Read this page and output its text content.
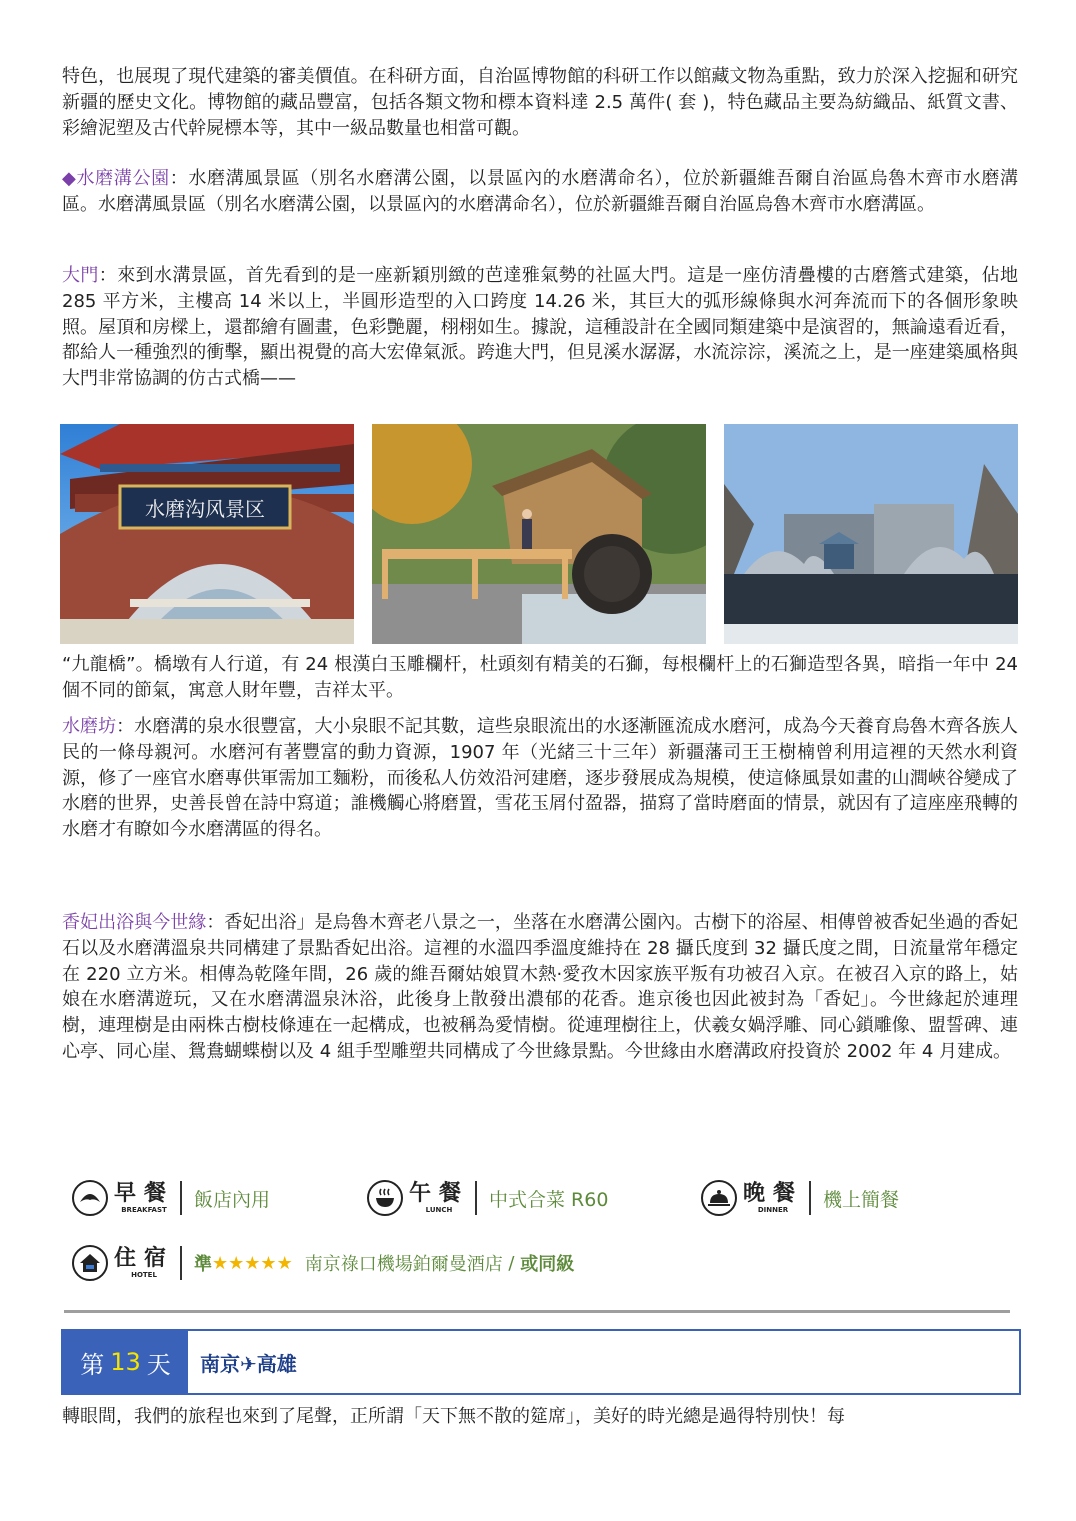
特色，也展現了現代建築的審美價值。在科研方面，自治區博物館的科研工作以館藏文物為重點，致力於深入挖掘和研究新疆的歷史文化。博物館的藏品豐富，包括各類文物和標本資料達 2.5 萬件( 套 )，特色藏品主要為紡織品、紙質文書、彩繪泥塑及古代幹屍標本等，其中一級品數量也相當可觀。

◆水磨溝公園：水磨溝風景區（別名水磨溝公園，以景區內的水磨溝命名），位於新疆維吾爾自治區烏魯木齊市水磨溝區。水磨溝風景區（別名水磨溝公園，以景區內的水磨溝命名），位於新疆維吾爾自治區烏魯木齊市水磨溝區。

大門：來到水溝景區，首先看到的是一座新穎別緻的芭達雅氣勢的社區大門。這是一座仿清疊樓的古磨簷式建築，佔地 285 平方米，主樓高 14 米以上，半圓形造型的入口跨度 14.26 米，其巨大的弧形線條與水河奔流而下的各個形象映照。屋頂和房樑上，還都繪有圖畫，色彩艷麗，栩栩如生。據說，這種設計在全國同類建築中是演習的，無論遠看近看，都給人一種強烈的衝擊，顯出視覺的高大宏偉氣派。跨進大門，但見溪水潺潺，水流淙淙，溪流之上，是一座建築風格與大門非常協調的仿古式橋——

水磨沟风景区

“九龍橋”。橋墩有人行道，有 24 根漢白玉雕欄杆，杜頭刻有精美的石獅，每根欄杆上的石獅造型各異，暗指一年中 24 個不同的節氣，寓意人財年豐，吉祥太平。

水磨坊：水磨溝的泉水很豐富，大小泉眼不記其數，這些泉眼流出的水逐漸匯流成水磨河，成為今天養育烏魯木齊各族人民的一條母親河。水磨河有著豐富的動力資源，1907 年（光緒三十三年）新疆藩司王王樹楠曾利用這裡的天然水利資源，修了一座官水磨專供軍需加工麵粉，而後私人仿效沿河建磨，逐步發展成為規模，使這條風景如畫的山澗峽谷變成了水磨的世界，史善長曾在詩中寫道；誰機觸心將磨置，雪花玉屑付盈器，描寫了當時磨面的情景，就因有了這座座飛轉的水磨才有瞭如今水磨溝區的得名。

香妃出浴與今世緣：香妃出浴」是烏魯木齊老八景之一，坐落在水磨溝公園內。古樹下的浴屋、相傳曾被香妃坐過的香妃石以及水磨溝溫泉共同構建了景點香妃出浴。這裡的水溫四季溫度維持在 28 攝氏度到 32 攝氏度之間，日流量常年穩定在 220 立方米。相傳為乾隆年間，26 歲的維吾爾姑娘買木熱·愛孜木因家族平叛有功被召入京。在被召入京的路上，姑娘在水磨溝遊玩，又在水磨溝溫泉沐浴，此後身上散發出濃郁的花香。進京後也因此被封為「香妃」。今世緣起於連理樹，連理樹是由兩株古樹枝條連在一起構成，也被稱為愛情樹。從連理樹往上，伏羲女媧浮雕、同心鎖雕像、盟誓碑、連心亭、同心崖、鴛鴦蝴蝶樹以及 4 組手型雕塑共同構成了今世緣景點。今世緣由水磨溝政府投資於 2002 年 4 月建成。

早餐
BREAKFAST 飯店內用	午餐
LUNCH 中式合菜 R60	晚餐
DINNER 機上簡餐
住宿
HOTEL 準 ★★★★★ 南京祿口機場鉑爾曼酒店 / 或同級
第 13 天	南京✈高雄

轉眼間，我們的旅程也來到了尾聲，正所謂「天下無不散的筵席」，美好的時光總是過得特別快！每
